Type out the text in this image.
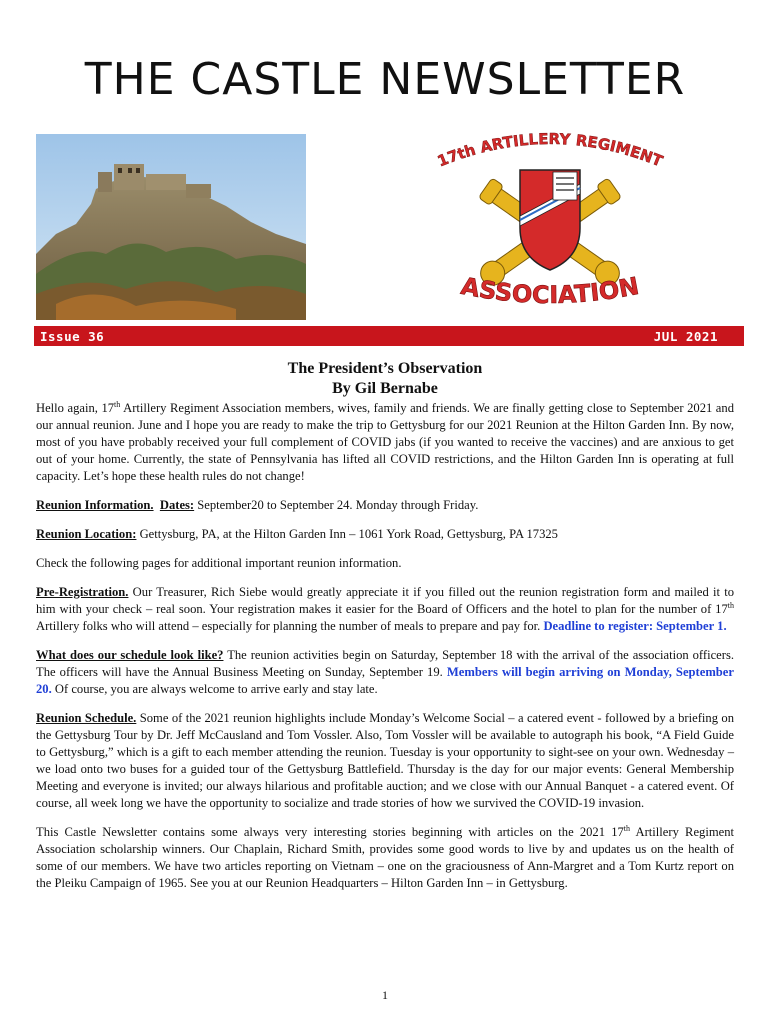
THE CASTLE NEWSLETTER
17th ARTILLERY REGIMENT
ASSOCIATION
Issue 36	JUL 2021
The President’s Observation
By Gil Bernabe

Hello again, 17th Artillery Regiment Association members, wives, family and friends. We are finally getting close to September 2021 and our annual reunion. June and I hope you are ready to make the trip to Gettysburg for our 2021 Reunion at the Hilton Garden Inn. By now, most of you have probably received your full complement of COVID jabs (if you wanted to receive the vaccines) and are anxious to get out of your home. Currently, the state of Pennsylvania has lifted all COVID restrictions, and the Hilton Garden Inn is operating at full capacity. Let’s hope these health rules do not change!

Reunion Information. Dates: September20 to September 24. Monday through Friday.

Reunion Location: Gettysburg, PA, at the Hilton Garden Inn – 1061 York Road, Gettysburg, PA 17325

Check the following pages for additional important reunion information.

Pre-Registration. Our Treasurer, Rich Siebe would greatly appreciate it if you filled out the reunion registration form and mailed it to him with your check – real soon. Your registration makes it easier for the Board of Officers and the hotel to plan for the number of 17th Artillery folks who will attend – especially for planning the number of meals to prepare and pay for. Deadline to register: September 1.

What does our schedule look like? The reunion activities begin on Saturday, September 18 with the arrival of the association officers. The officers will have the Annual Business Meeting on Sunday, September 19. Members will begin arriving on Monday, September 20. Of course, you are always welcome to arrive early and stay late.

Reunion Schedule. Some of the 2021 reunion highlights include Monday’s Welcome Social – a catered event - followed by a briefing on the Gettysburg Tour by Dr. Jeff McCausland and Tom Vossler. Also, Tom Vossler will be available to autograph his book, “A Field Guide to Gettysburg,” which is a gift to each member attending the reunion. Tuesday is your opportunity to sight-see on your own. Wednesday – we load onto two buses for a guided tour of the Gettysburg Battlefield. Thursday is the day for our major events: General Membership Meeting and everyone is invited; our always hilarious and profitable auction; and we close with our Annual Banquet - a catered event. Of course, all week long we have the opportunity to socialize and trade stories of how we survived the COVID-19 invasion.

This Castle Newsletter contains some always very interesting stories beginning with articles on the 2021 17th Artillery Regiment Association scholarship winners. Our Chaplain, Richard Smith, provides some good words to live by and updates us on the health of some of our members. We have two articles reporting on Vietnam – one on the graciousness of Ann-Margret and a Tom Kurtz report on the Pleiku Campaign of 1965. See you at our Reunion Headquarters – Hilton Garden Inn – in Gettysburg.

1
